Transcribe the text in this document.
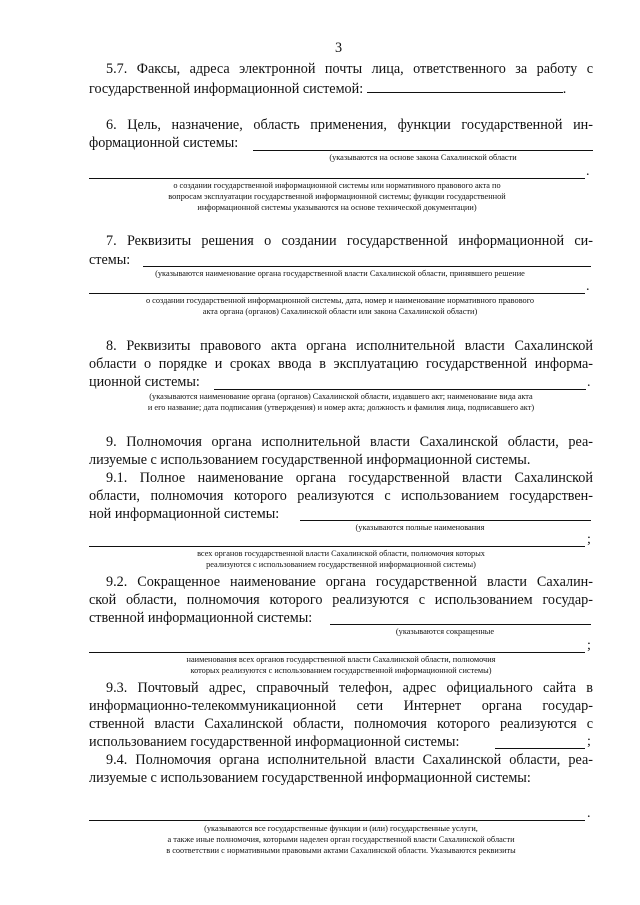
3
5.7. Факсы, адреса электронной почты лица, ответственного за работу с
государственной информационной системой:	.
6. Цель, назначение, область применения, функции государственной ин-
формационной системы:
(указываются на основе закона Сахалинской области
.
о создании государственной информационной системы или нормативного правового акта по
вопросам эксплуатации государственной информационной системы; функции государственной
информационной системы указываются на основе технической документации)
7. Реквизиты решения о создании государственной информационной си-
стемы:
(указываются наименование органа государственной власти Сахалинской области, принявшего решение
.
о создании государственной информационной системы, дата, номер и наименование нормативного правового
акта органа (органов) Сахалинской области или закона Сахалинской области)
8. Реквизиты правового акта органа исполнительной власти Сахалинской
области о порядке и сроках ввода в эксплуатацию государственной информа-
ционной системы:	.
(указываются наименование органа (органов) Сахалинской области, издавшего акт; наименование вида акта
и его название; дата подписания (утверждения) и номер акта; должность и фамилия лица, подписавшего акт)
9. Полномочия органа исполнительной власти Сахалинской области, реа-
лизуемые с использованием государственной информационной системы.
9.1. Полное наименование органа государственной власти Сахалинской
области, полномочия которого реализуются с использованием государствен-
ной информационной системы:
(указываются полные наименования
;
всех органов государственной власти Сахалинской области, полномочия которых
реализуются с использованием государственной информационной системы)
9.2. Сокращенное наименование органа государственной власти Сахалин-
ской области, полномочия которого реализуются с использованием государ-
ственной информационной системы:
(указываются сокращенные
;
наименования всех органов государственной власти Сахалинской области, полномочия
которых реализуются с использованием государственной информационной системы)
9.3. Почтовый адрес, справочный телефон, адрес официального сайта в
информационно-телекоммуникационной сети Интернет органа государ-
ственной власти Сахалинской области, полномочия которого реализуются с
использованием государственной информационной системы:	;
9.4. Полномочия органа исполнительной власти Сахалинской области, реа-
лизуемые с использованием государственной информационной системы:
.
(указываются все государственные функции и (или) государственные услуги,
а также иные полномочия, которыми наделен орган государственной власти Сахалинской области
в соответствии с нормативными правовыми актами Сахалинской области. Указываются реквизиты
